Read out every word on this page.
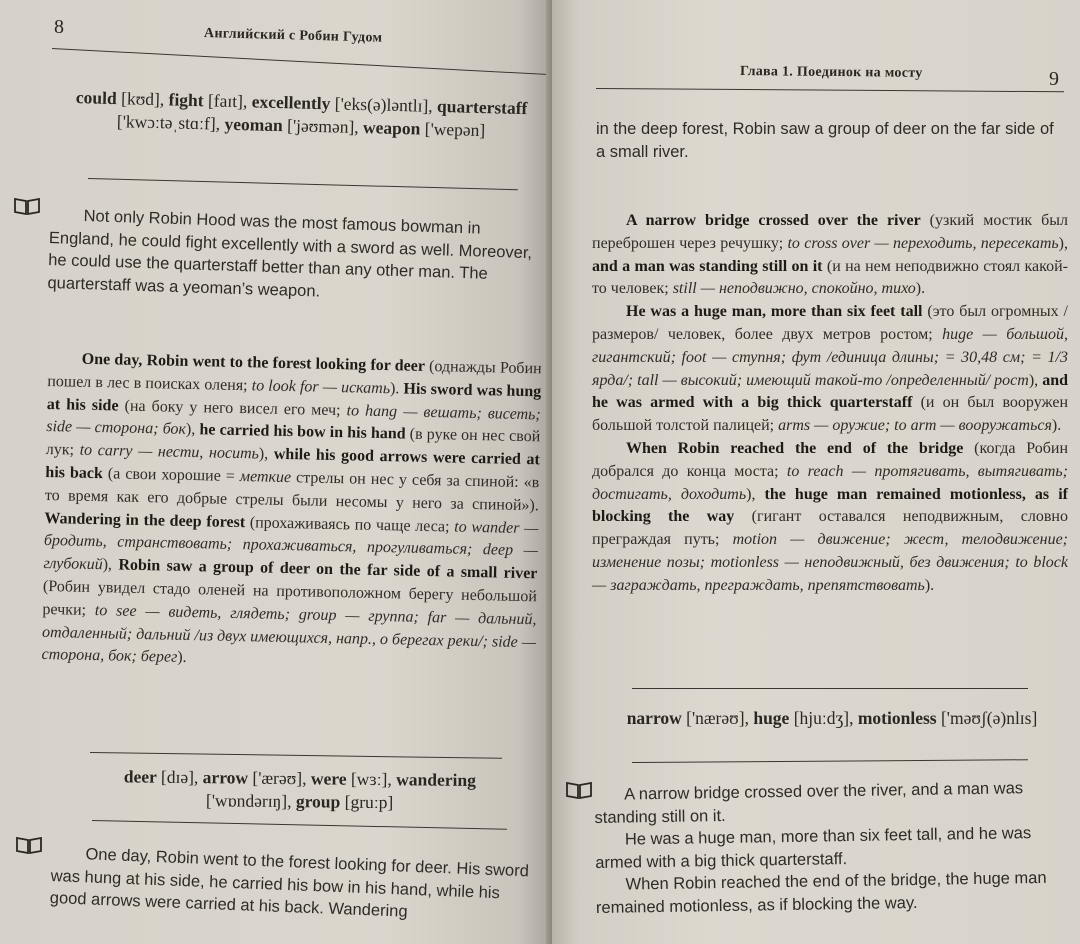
8	Английский с Робин Гудом
could [kʊd], fight [faɪt], excellently ['eks(ə)ləntlɪ], quarterstaff ['kwɔːtəˌstɑːf], yeoman ['jəʊmən], weapon ['wepən]
Not only Robin Hood was the most famous bowman in England, he could fight excellently with a sword as well. Moreover, he could use the quarterstaff better than any other man. The quarterstaff was a yeoman’s weapon.

One day, Robin went to the forest looking for deer (однажды Робин пошел в лес в поисках оленя; to look for — искать). His sword was hung at his side (на боку у него висел его меч; to hang — вешать; висеть; side — сторона; бок), he carried his bow in his hand (в руке он нес свой лук; to carry — нести, носить), while his good arrows were carried at his back (а свои хорошие = меткие стрелы он нес у себя за спиной: «в то время как его добрые стрелы были несомы у него за спиной»). Wandering in the deep forest (прохаживаясь по чаще леса; to wander — бродить, странствовать; прохаживаться, прогуливаться; deep — глубокий), Robin saw a group of deer on the far side of a small river (Робин увидел стадо оленей на противоположном берегу небольшой речки; to see — видеть, глядеть; group — группа; far — дальний, отдаленный; дальний /из двух имеющихся, напр., о берегах реки/; side — сторона, бок; берег).

deer [dɪə], arrow ['ærəʊ], were [wɜː], wandering ['wɒndərɪŋ], group [gruːp]
One day, Robin went to the forest looking for deer. His sword was hung at his side, he carried his bow in his hand, while his good arrows were carried at his back. Wandering
Глава 1. Поединок на мосту	9
in the deep forest, Robin saw a group of deer on the far side of a small river.

A narrow bridge crossed over the river (узкий мостик был переброшен через речушку; to cross over — переходить, пересекать), and a man was standing still on it (и на нем неподвижно стоял какой-то человек; still — неподвижно, спокойно, тихо).

He was a huge man, more than six feet tall (это был огромных /размеров/ человек, более двух метров ростом; huge — большой, гигантский; foot — ступня; фут /единица длины; = 30,48 см; = 1/3 ярда/; tall — высокий; имеющий такой-то /определенный/ рост), and he was armed with a big thick quarterstaff (и он был вооружен большой толстой палицей; arms — оружие; to arm — вооружаться).

When Robin reached the end of the bridge (когда Робин добрался до конца моста; to reach — протягивать, вытягивать; достигать, доходить), the huge man remained motionless, as if blocking the way (гигант оставался неподвижным, словно преграждая путь; motion — движение; жест, телодвижение; изменение позы; motionless — неподвижный, без движения; to block — заграждать, преграждать, препятствовать).

narrow ['nærəʊ], huge [hjuːdʒ], motionless ['məʊʃ(ə)nlɪs]
A narrow bridge crossed over the river, and a man was standing still on it.
He was a huge man, more than six feet tall, and he was armed with a big thick quarterstaff.
When Robin reached the end of the bridge, the huge man remained motionless, as if blocking the way.
